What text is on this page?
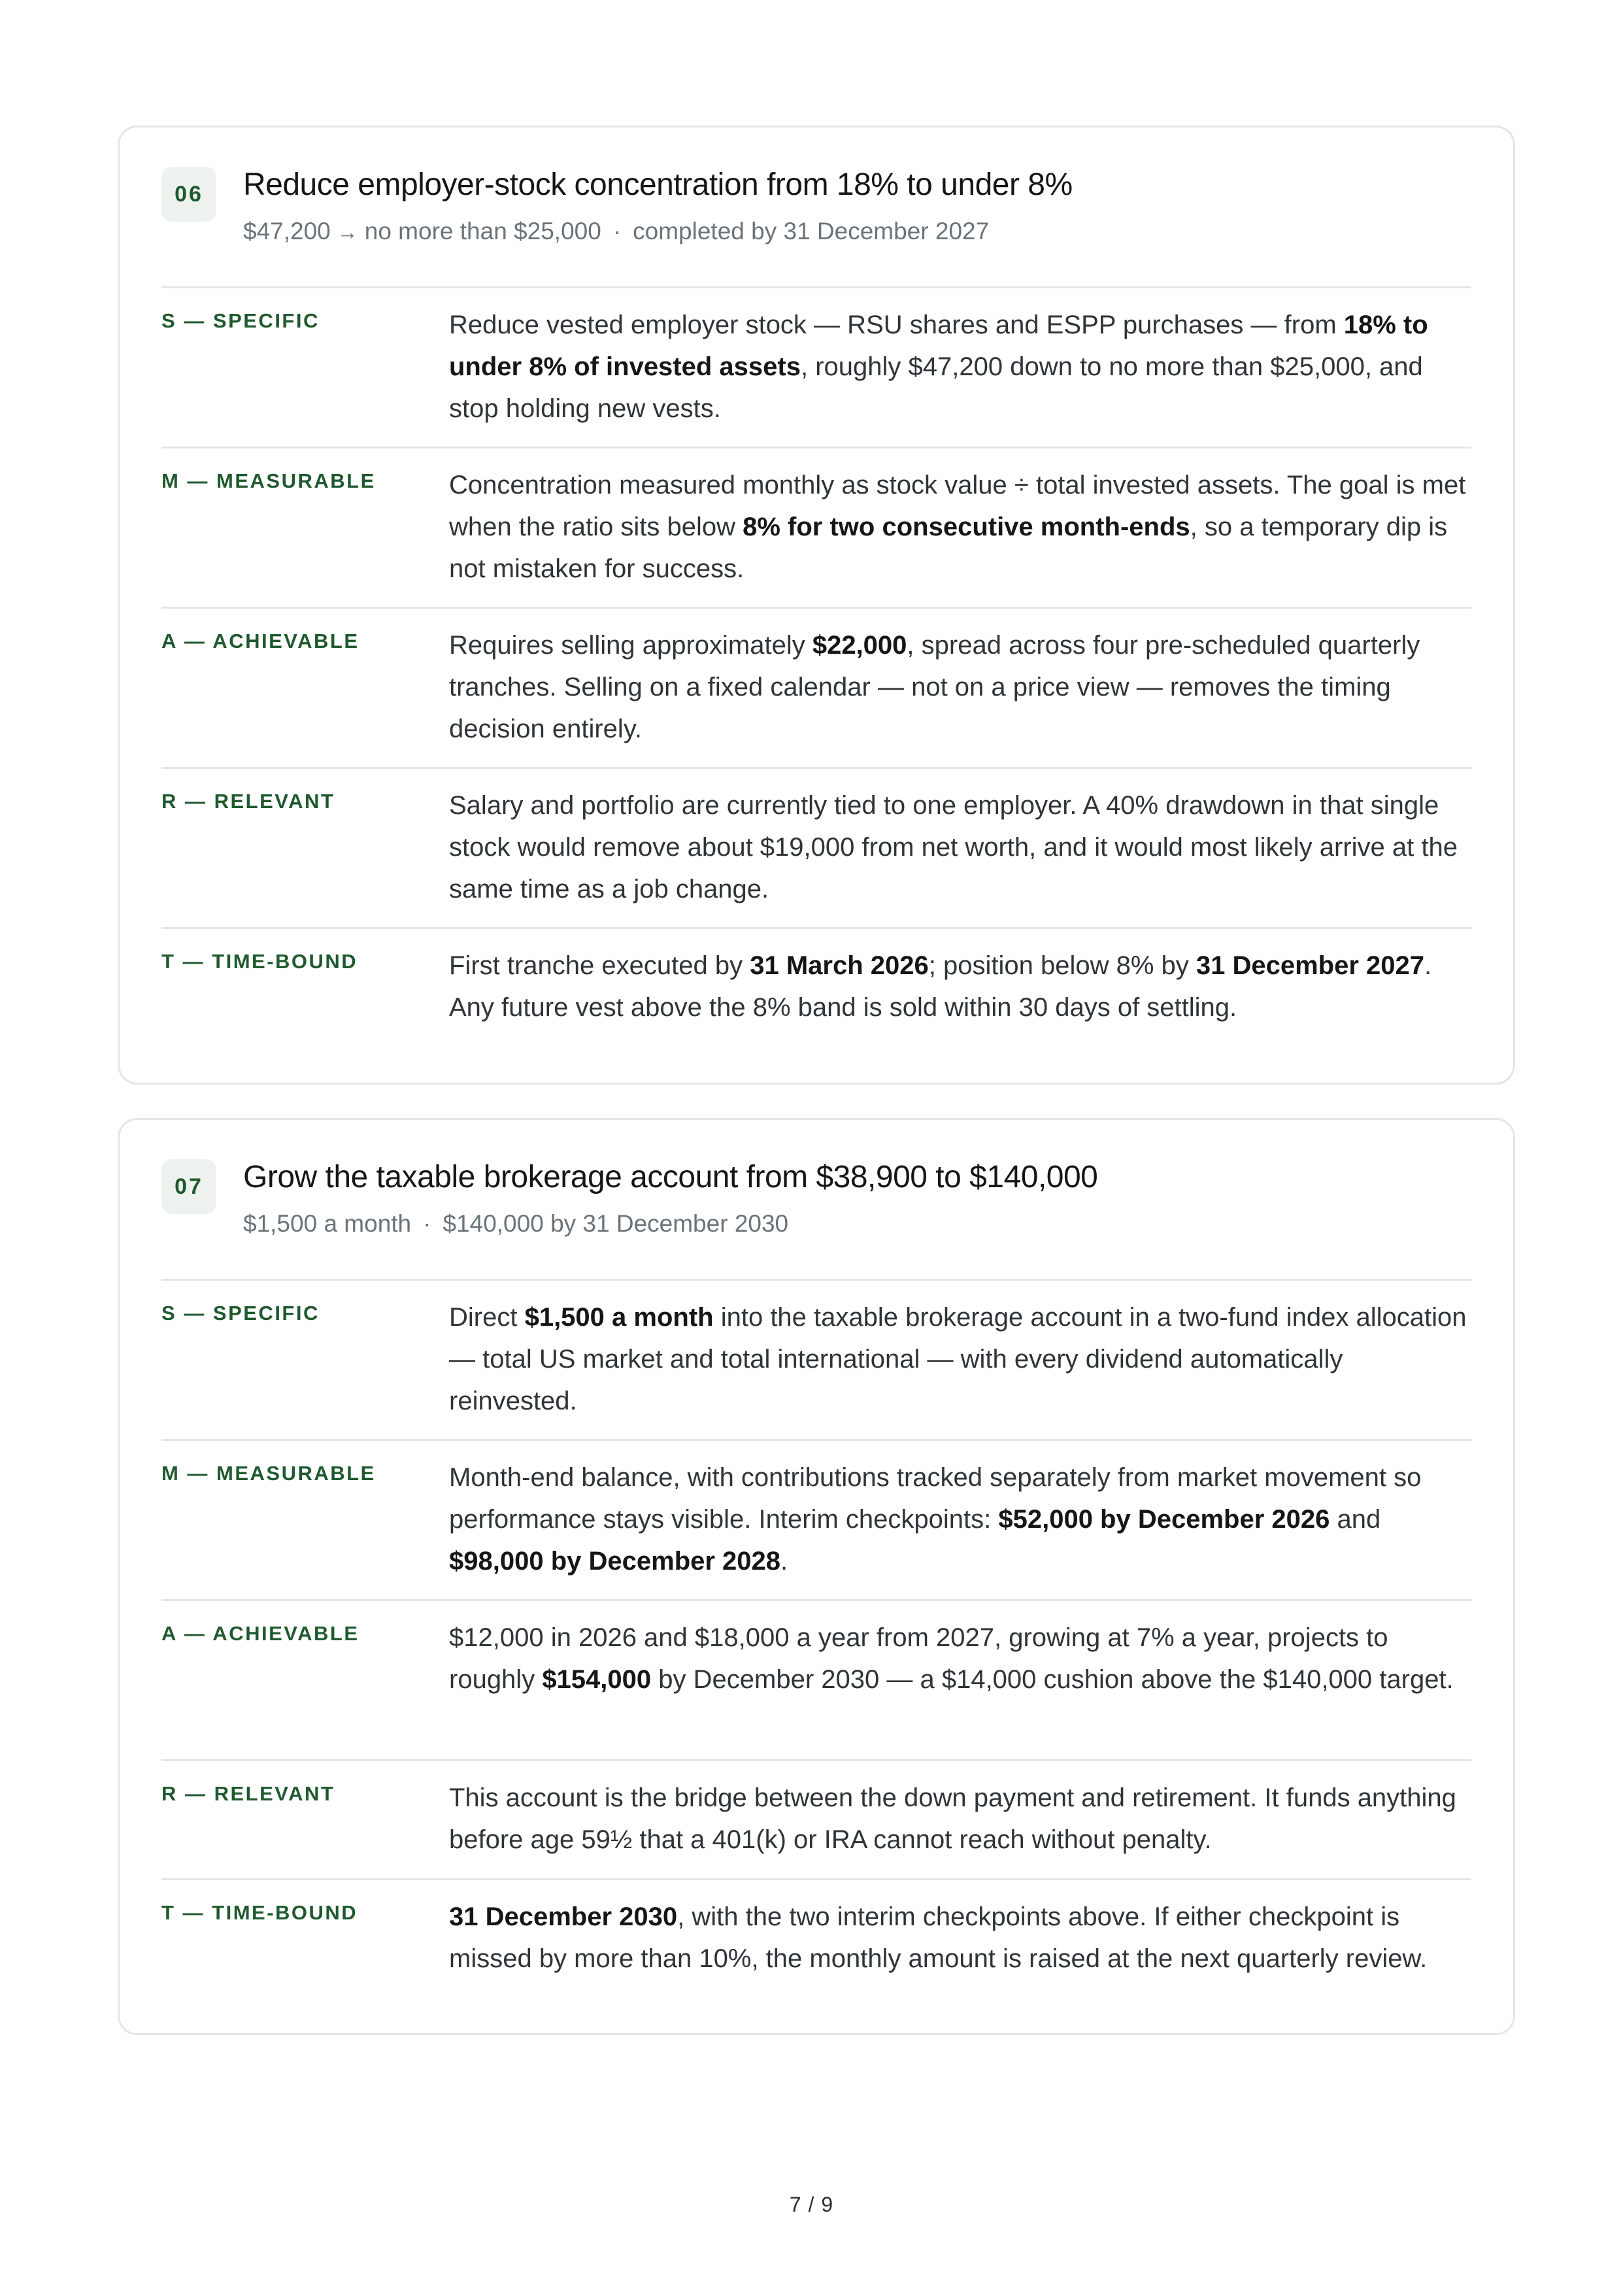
06	Reduce employer-stock concentration from 18% to under 8%
$47,200 → no more than $25,000 · completed by 31 December 2027
S — SPECIFIC	Reduce vested employer stock — RSU shares and ESPP purchases — from 18% to under 8% of invested assets, roughly $47,200 down to no more than $25,000, and stop holding new vests.
M — MEASURABLE	Concentration measured monthly as stock value ÷ total invested assets. The goal is met when the ratio sits below 8% for two consecutive month-ends, so a temporary dip is not mistaken for success.
A — ACHIEVABLE	Requires selling approximately $22,000, spread across four pre-scheduled quarterly tranches. Selling on a fixed calendar — not on a price view — removes the timing decision entirely.
R — RELEVANT	Salary and portfolio are currently tied to one employer. A 40% drawdown in that single stock would remove about $19,000 from net worth, and it would most likely arrive at the same time as a job change.
T — TIME-BOUND	First tranche executed by 31 March 2026; position below 8% by 31 December 2027. Any future vest above the 8% band is sold within 30 days of settling.
07	Grow the taxable brokerage account from $38,900 to $140,000
$1,500 a month · $140,000 by 31 December 2030
S — SPECIFIC	Direct $1,500 a month into the taxable brokerage account in a two-fund index allocation — total US market and total international — with every dividend automatically reinvested.
M — MEASURABLE	Month-end balance, with contributions tracked separately from market movement so performance stays visible. Interim checkpoints: $52,000 by December 2026 and $98,000 by December 2028.
A — ACHIEVABLE	$12,000 in 2026 and $18,000 a year from 2027, growing at 7% a year, projects to roughly $154,000 by December 2030 — a $14,000 cushion above the $140,000 target.
R — RELEVANT	This account is the bridge between the down payment and retirement. It funds anything before age 59½ that a 401(k) or IRA cannot reach without penalty.
T — TIME-BOUND	31 December 2030, with the two interim checkpoints above. If either checkpoint is missed by more than 10%, the monthly amount is raised at the next quarterly review.
7 / 9
